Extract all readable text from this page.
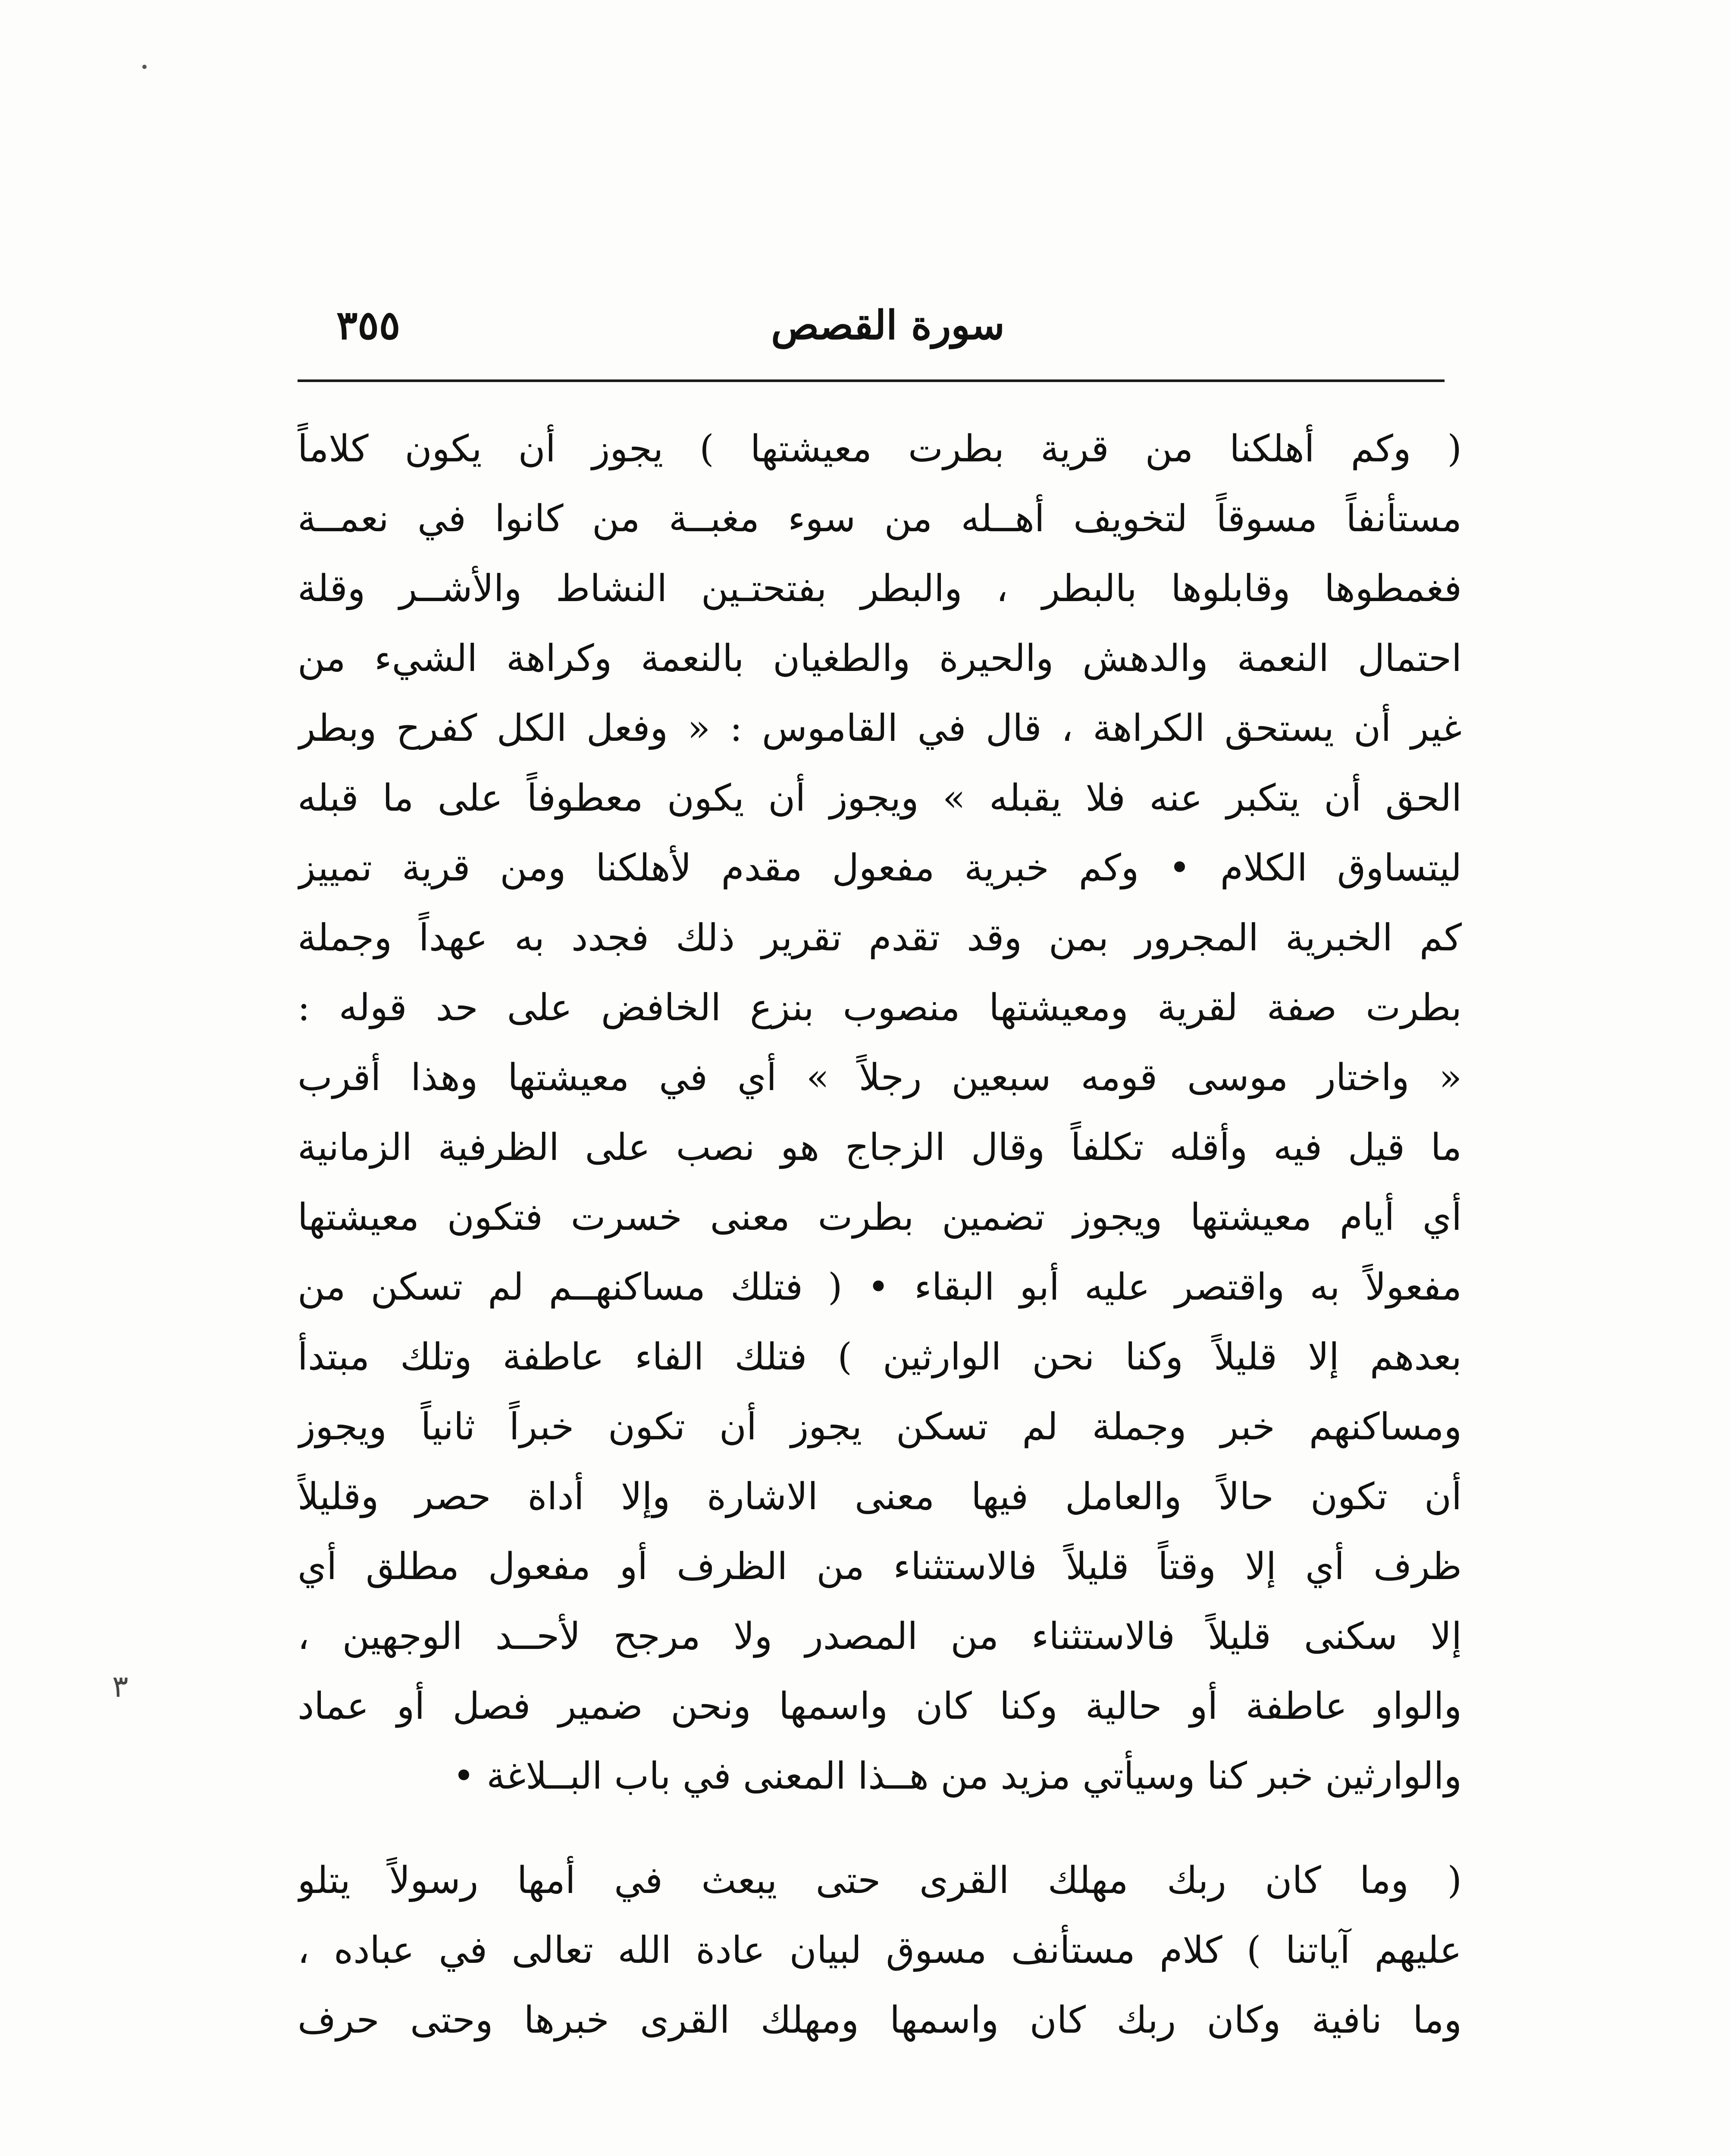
سورة القصص
٣٥٥
( وكم أهلكنا من قرية بطرت معيشتها ) يجوز أن يكون كلاماً
مستأنفاً مسوقاً لتخويف أهــله من سوء مغبــة من كانوا في نعمــة
فغمطوها وقابلوها بالبطر ، والبطر بفتحتـين النشاط والأشــر وقلة
احتمال النعمة والدهش والحيرة والطغيان بالنعمة وكراهة الشيء من
غير أن يستحق الكراهة ، قال في القاموس : « وفعل الكل كفرح وبطر
الحق أن يتكبر عنه فلا يقبله » ويجوز أن يكون معطوفاً على ما قبله
ليتساوق الكلام • وكم خبرية مفعول مقدم لأهلكنا ومن قرية تمييز
كم الخبرية المجرور بمن وقد تقدم تقرير ذلك فجدد به عهداً وجملة
بطرت صفة لقرية ومعيشتها منصوب بنزع الخافض على حد قوله :
« واختار موسى قومه سبعين رجلاً » أي في معيشتها وهذا أقرب
ما قيل فيه وأقله تكلفاً وقال الزجاج هو نصب على الظرفية الزمانية
أي أيام معيشتها ويجوز تضمين بطرت معنى خسرت فتكون معيشتها
مفعولاً به واقتصر عليه أبو البقاء • ( فتلك مساكنهــم لم تسكن من
بعدهم إلا قليلاً وكنا نحن الوارثين ) فتلك الفاء عاطفة وتلك مبتدأ
ومساكنهم خبر وجملة لم تسكن يجوز أن تكون خبراً ثانياً ويجوز
أن تكون حالاً والعامل فيها معنى الاشارة وإلا أداة حصر وقليلاً
ظرف أي إلا وقتاً قليلاً فالاستثناء من الظرف أو مفعول مطلق أي
إلا سكنى قليلاً فالاستثناء من المصدر ولا مرجح لأحــد الوجهين ،
والواو عاطفة أو حالية وكنا كان واسمها ونحن ضمير فصل أو عماد
والوارثين خبر كنا وسيأتي مزيد من هــذا المعنى في باب البــلاغة •
( وما كان ربك مهلك القرى حتى يبعث في أمها رسولاً يتلو
عليهم آياتنا ) كلام مستأنف مسوق لبيان عادة الله تعالى في عباده ،
وما نافية وكان ربك كان واسمها ومهلك القرى خبرها وحتى حرف
٣
